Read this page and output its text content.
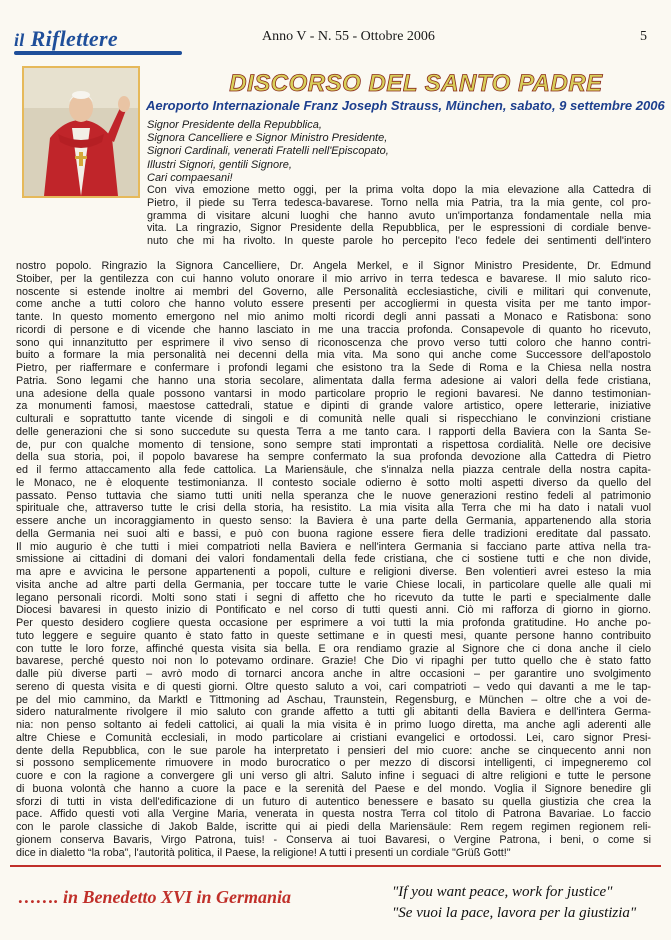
il Riflettere	Anno V - N. 55 - Ottobre 2006	5
DISCORSO DEL SANTO PADRE
Aeroporto Internazionale Franz Joseph Strauss, München, sabato, 9 settembre 2006
Signor Presidente della Repubblica,
Signora Cancelliere e Signor Ministro Presidente,
Signori Cardinali, venerati Fratelli nell'Episcopato,
Illustri Signori, gentili Signore,
Cari compaesani!
Con viva emozione metto oggi, per la prima volta dopo la mia elevazione alla Cattedra di
Pietro, il piede su Terra tedesca-bavarese. Torno nella mia Patria, tra la mia gente, col pro-
gramma di visitare alcuni luoghi che hanno avuto un'importanza fondamentale nella mia
vita. La ringrazio, Signor Presidente della Repubblica, per le espressioni di cordiale benve-
nuto che mi ha rivolto. In queste parole ho percepito l'eco fedele dei sentimenti dell'intero
nostro popolo. Ringrazio la Signora Cancelliere, Dr. Angela Merkel, e il Signor Ministro Presidente, Dr. Edmund
Stoiber, per la gentilezza con cui hanno voluto onorare il mio arrivo in terra tedesca e bavarese. Il mio saluto rico-
noscente si estende inoltre ai membri del Governo, alle Personalità ecclesiastiche, civili e militari qui convenute,
come anche a tutti coloro che hanno voluto essere presenti per accogliermi in questa visita per me tanto impor-
tante. In questo momento emergono nel mio animo molti ricordi degli anni passati a Monaco e Ratisbona: sono
ricordi di persone e di vicende che hanno lasciato in me una traccia profonda. Consapevole di quanto ho ricevuto,
sono qui innanzitutto per esprimere il vivo senso di riconoscenza che provo verso tutti coloro che hanno contri-
buito a formare la mia personalità nei decenni della mia vita. Ma sono qui anche come Successore dell'apostolo
Pietro, per riaffermare e confermare i profondi legami che esistono tra la Sede di Roma e la Chiesa nella nostra
Patria. Sono legami che hanno una storia secolare, alimentata dalla ferma adesione ai valori della fede cristiana,
una adesione della quale possono vantarsi in modo particolare proprio le regioni bavaresi. Ne danno testimonian-
za monumenti famosi, maestose cattedrali, statue e dipinti di grande valore artistico, opere letterarie, iniziative
culturali e soprattutto tante vicende di singoli e di comunità nelle quali si rispecchiano le convinzioni cristiane
delle generazioni che si sono succedute su questa Terra a me tanto cara. I rapporti della Baviera con la Santa Se-
de, pur con qualche momento di tensione, sono sempre stati improntati a rispettosa cordialità. Nelle ore decisive
della sua storia, poi, il popolo bavarese ha sempre confermato la sua profonda devozione alla Cattedra di Pietro
ed il fermo attaccamento alla fede cattolica. La Mariensäule, che s'innalza nella piazza centrale della nostra capita-
le Monaco, ne è eloquente testimonianza. Il contesto sociale odierno è sotto molti aspetti diverso da quello del
passato. Penso tuttavia che siamo tutti uniti nella speranza che le nuove generazioni restino fedeli al patrimonio
spirituale che, attraverso tutte le crisi della storia, ha resistito. La mia visita alla Terra che mi ha dato i natali vuol
essere anche un incoraggiamento in questo senso: la Baviera è una parte della Germania, appartenendo alla storia
della Germania nei suoi alti e bassi, e può con buona ragione essere fiera delle tradizioni ereditate dal passato.
Il mio augurio è che tutti i miei compatrioti nella Baviera e nell'intera Germania si facciano parte attiva nella tra-
smissione ai cittadini di domani dei valori fondamentali della fede cristiana, che ci sostiene tutti e che non divide,
ma apre e avvicina le persone appartenenti a popoli, culture e religioni diverse. Ben volentieri avrei esteso la mia
visita anche ad altre parti della Germania, per toccare tutte le varie Chiese locali, in particolare quelle alle quali mi
legano personali ricordi. Molti sono stati i segni di affetto che ho ricevuto da tutte le parti e specialmente dalle
Diocesi bavaresi in questo inizio di Pontificato e nel corso di tutti questi anni. Ciò mi rafforza di giorno in giorno.
Per questo desidero cogliere questa occasione per esprimere a voi tutti la mia profonda gratitudine. Ho anche po-
tuto leggere e seguire quanto è stato fatto in queste settimane e in questi mesi, quante persone hanno contribuito
con tutte le loro forze, affinché questa visita sia bella. E ora rendiamo grazie al Signore che ci dona anche il cielo
bavarese, perché questo noi non lo potevamo ordinare. Grazie! Che Dio vi ripaghi per tutto quello che è stato fatto
dalle più diverse parti – avrò modo di tornarci ancora anche in altre occasioni – per garantire uno svolgimento
sereno di questa visita e di questi giorni. Oltre questo saluto a voi, cari compatrioti – vedo qui davanti a me le tap-
pe del mio cammino, da Marktl e Tittmoning ad Aschau, Traunstein, Regensburg, e München – oltre che a voi de-
sidero naturalmente rivolgere il mio saluto con grande affetto a tutti gli abitanti della Baviera e dell'intera Germa-
nia: non penso soltanto ai fedeli cattolici, ai quali la mia visita è in primo luogo diretta, ma anche agli aderenti alle
altre Chiese e Comunità ecclesiali, in modo particolare ai cristiani evangelici e ortodossi. Lei, caro signor Presi-
dente della Repubblica, con le sue parole ha interpretato i pensieri del mio cuore: anche se cinquecento anni non
si possono semplicemente rimuovere in modo burocratico o per mezzo di discorsi intelligenti, ci impegneremo col
cuore e con la ragione a convergere gli uni verso gli altri. Saluto infine i seguaci di altre religioni e tutte le persone
di buona volontà che hanno a cuore la pace e la serenità del Paese e del mondo. Voglia il Signore benedire gli
sforzi di tutti in vista dell'edificazione di un futuro di autentico benessere e basato su quella giustizia che crea la
pace. Affido questi voti alla Vergine Maria, venerata in questa nostra Terra col titolo di Patrona Bavariae. Lo faccio
con le parole classiche di Jakob Balde, iscritte qui ai piedi della Mariensäule: Rem regem regimen regionem reli-
gionem conserva Bavaris, Virgo Patrona, tuis! - Conserva ai tuoi Bavaresi, o Vergine Patrona, i beni, o come si
dice in dialetto “la roba”, l'autorità politica, il Paese, la religione! A tutti i presenti un cordiale "Grüß Gott!"
……. in Benedetto XVI in Germania	"If you want peace, work for justice"
"Se vuoi la pace, lavora per la giustizia"
